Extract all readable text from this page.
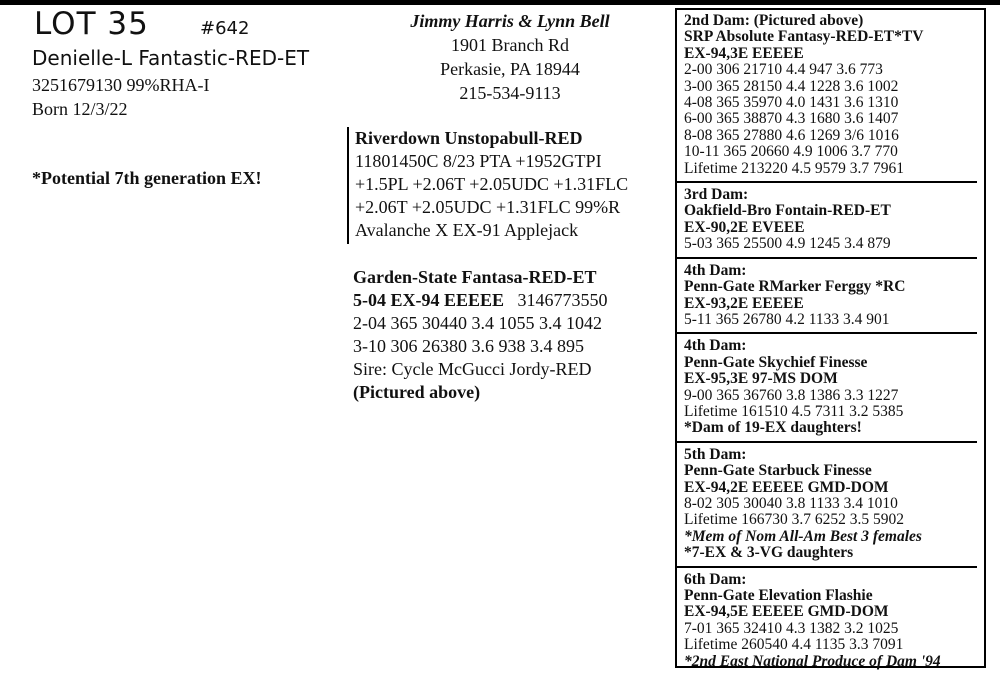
LOT 35	#642
Denielle-L Fantastic-RED-ET
3251679130 99%RHA-I
Born 12/3/22
*Potential 7th generation EX!
Jimmy Harris & Lynn Bell
1901 Branch Rd
Perkasie, PA 18944
215-534-9113
Riverdown Unstopabull-RED
11801450C 8/23 PTA +1952GTPI
+1.5PL +2.06T +2.05UDC +1.31FLC
+2.06T +2.05UDC +1.31FLC 99%R
Avalanche X EX-91 Applejack
Garden-State Fantasa-RED-ET
5-04 EX-94 EEEEE 3146773550
2-04 365 30440 3.4 1055 3.4 1042
3-10 306 26380 3.6 938 3.4 895
Sire: Cycle McGucci Jordy-RED
(Pictured above)
2nd Dam: (Pictured above)
SRP Absolute Fantasy-RED-ET*TV
EX-94,3E EEEEE
2-00 306 21710 4.4 947 3.6 773
3-00 365 28150 4.4 1228 3.6 1002
4-08 365 35970 4.0 1431 3.6 1310
6-00 365 38870 4.3 1680 3.6 1407
8-08 365 27880 4.6 1269 3/6 1016
10-11 365 20660 4.9 1006 3.7 770
Lifetime 213220 4.5 9579 3.7 7961
3rd Dam:
Oakfield-Bro Fontain-RED-ET
EX-90,2E EVEEE
5-03 365 25500 4.9 1245 3.4 879
4th Dam:
Penn-Gate RMarker Ferggy *RC
EX-93,2E EEEEE
5-11 365 26780 4.2 1133 3.4 901
4th Dam:
Penn-Gate Skychief Finesse
EX-95,3E 97-MS DOM
9-00 365 36760 3.8 1386 3.3 1227
Lifetime 161510 4.5 7311 3.2 5385
*Dam of 19-EX daughters!
5th Dam:
Penn-Gate Starbuck Finesse
EX-94,2E EEEEE GMD-DOM
8-02 305 30040 3.8 1133 3.4 1010
Lifetime 166730 3.7 6252 3.5 5902
*Mem of Nom All-Am Best 3 females
*7-EX & 3-VG daughters
6th Dam:
Penn-Gate Elevation Flashie
EX-94,5E EEEEE GMD-DOM
7-01 365 32410 4.3 1382 3.2 1025
Lifetime 260540 4.4 1135 3.3 7091
*2nd East National Produce of Dam '94
